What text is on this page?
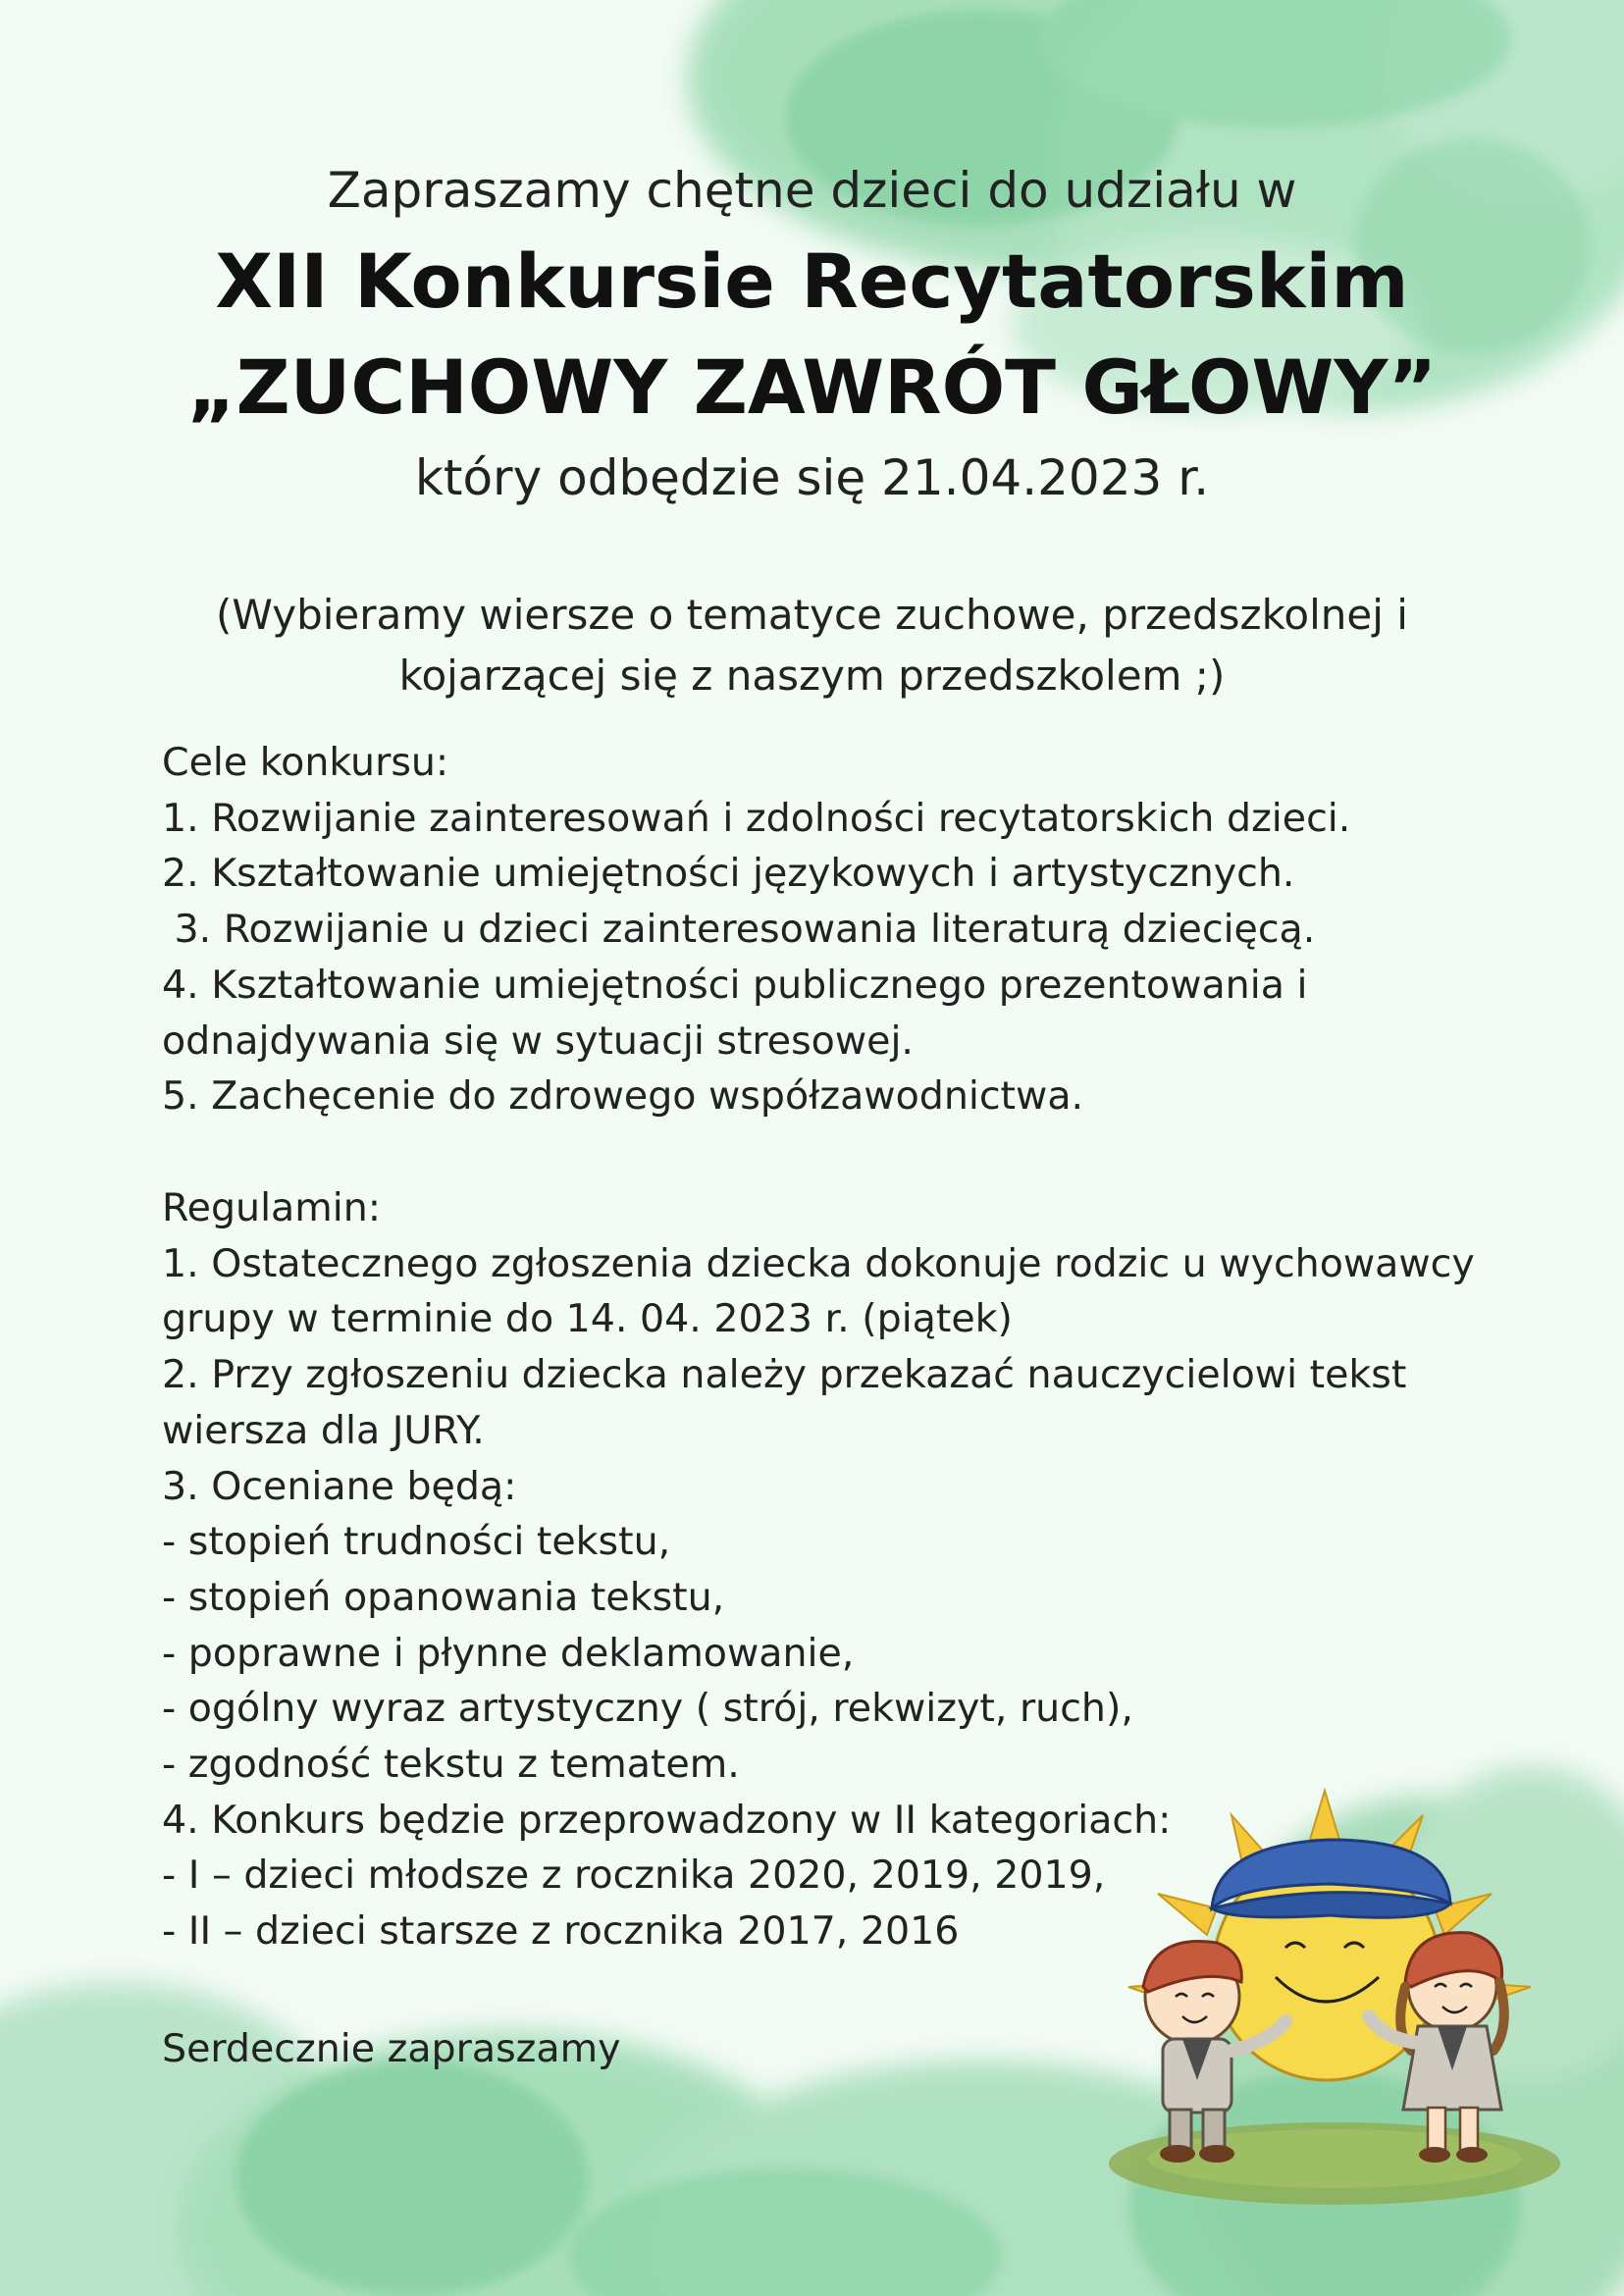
Zapraszamy chętne dzieci do udziału w
XII Konkursie Recytatorskim
„ZUCHOWY ZAWRÓT GŁOWY”
który odbędzie się 21.04.2023 r.
(Wybieramy wiersze o tematyce zuchowe, przedszkolnej i
kojarzącej się z naszym przedszkolem ;)
Cele konkursu:
1. Rozwijanie zainteresowań i zdolności recytatorskich dzieci.
2. Kształtowanie umiejętności językowych i artystycznych.
3. Rozwijanie u dzieci zainteresowania literaturą dziecięcą.
4. Kształtowanie umiejętności publicznego prezentowania i
odnajdywania się w sytuacji stresowej.
5. Zachęcenie do zdrowego współzawodnictwa.
Regulamin:
1. Ostatecznego zgłoszenia dziecka dokonuje rodzic u wychowawcy
grupy w terminie do 14. 04. 2023 r. (piątek)
2. Przy zgłoszeniu dziecka należy przekazać nauczycielowi tekst
wiersza dla JURY.
3. Oceniane będą:
- stopień trudności tekstu,
- stopień opanowania tekstu,
- poprawne i płynne deklamowanie,
- ogólny wyraz artystyczny ( strój, rekwizyt, ruch),
- zgodność tekstu z tematem.
4. Konkurs będzie przeprowadzony w II kategoriach:
- I – dzieci młodsze z rocznika 2020, 2019, 2019,
- II – dzieci starsze z rocznika 2017, 2016
Serdecznie zapraszamy
